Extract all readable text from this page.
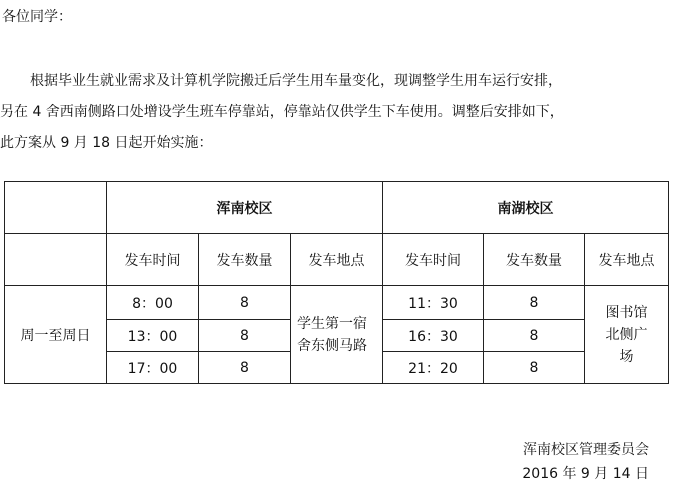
各位同学：
根据毕业生就业需求及计算机学院搬迁后学生用车量变化，现调整学生用车运行安排，
另在 4 舍西南侧路口处增设学生班车停靠站，停靠站仅供学生下车使用。调整后安排如下，
此方案从 9 月 18 日起开始实施：
	浑南校区			南湖校区		
	发车时间	发车数量	发车地点	发车时间	发车数量	发车地点
周一至周日	8：00	8	学生第一宿舍东侧马路	11：30	8	图书馆北侧广场
	13：00	8		16：30	8	
	17：00	8		21：20	8	
浑南校区管理委员会
2016 年 9 月 14 日
